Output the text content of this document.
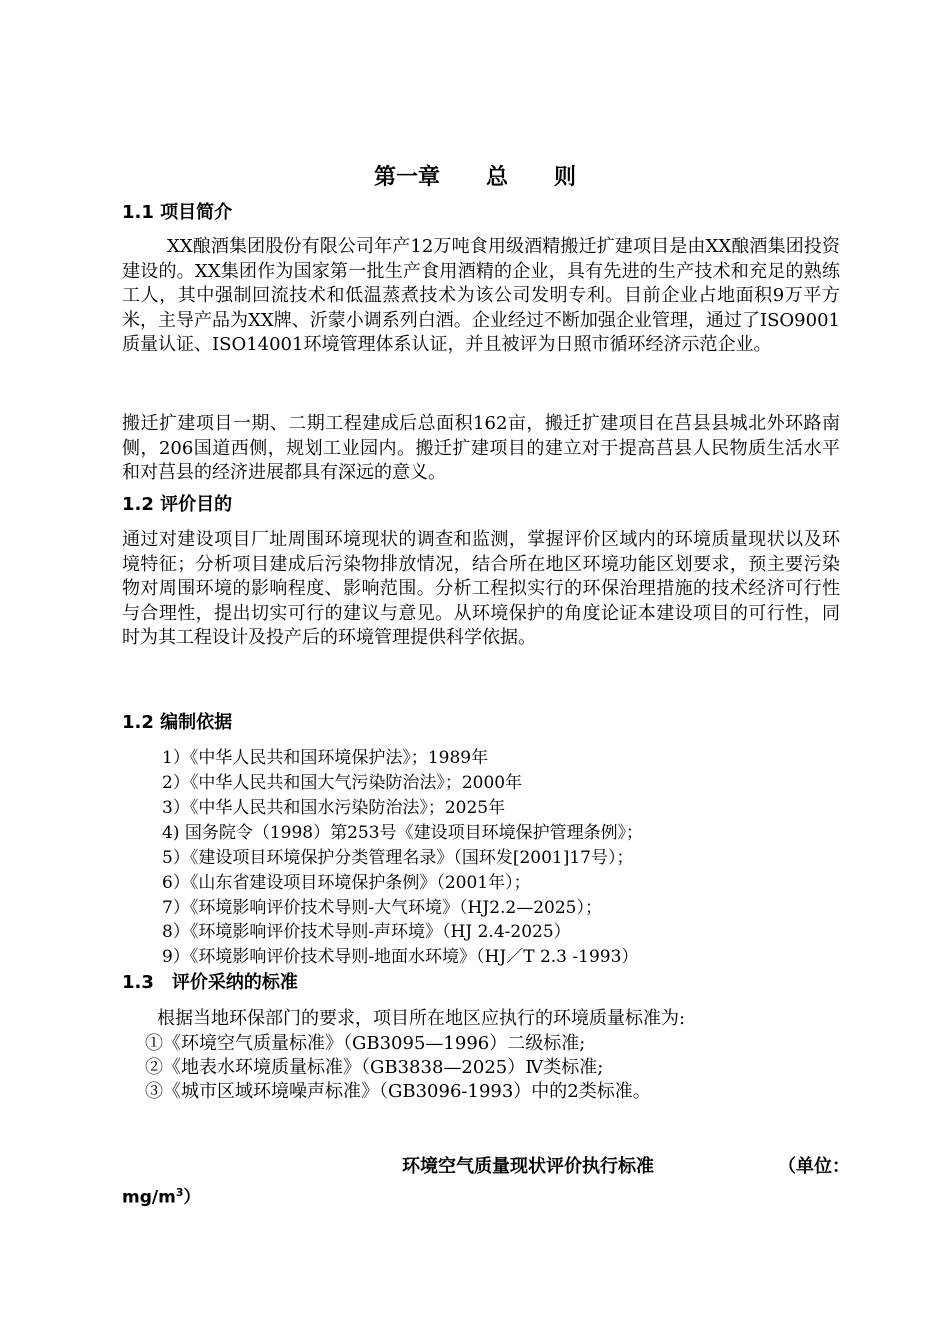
第一章 总 则
1.1 项目简介
XX酿酒集团股份有限公司年产12万吨食用级酒精搬迁扩建项目是由XX酿酒集团投资建设的。XX集团作为国家第一批生产食用酒精的企业，具有先进的生产技术和充足的熟练工人，其中强制回流技术和低温蒸煮技术为该公司发明专利。目前企业占地面积9万平方米，主导产品为XX牌、沂蒙小调系列白酒。企业经过不断加强企业管理，通过了ISO9001质量认证、ISO14001环境管理体系认证，并且被评为日照市循环经济示范企业。
搬迁扩建项目一期、二期工程建成后总面积162亩，搬迁扩建项目在莒县县城北外环路南侧，206国道西侧，规划工业园内。搬迁扩建项目的建立对于提高莒县人民物质生活水平和对莒县的经济进展都具有深远的意义。
1.2 评价目的
通过对建设项目厂址周围环境现状的调查和监测，掌握评价区域内的环境质量现状以及环境特征；分析项目建成后污染物排放情况，结合所在地区环境功能区划要求，预主要污染物对周围环境的影响程度、影响范围。分析工程拟实行的环保治理措施的技术经济可行性与合理性，提出切实可行的建议与意见。从环境保护的角度论证本建设项目的可行性，同时为其工程设计及投产后的环境管理提供科学依据。
1.2 编制依据
1）《中华人民共和国环境保护法》；1989年
2）《中华人民共和国大气污染防治法》；2000年
3）《中华人民共和国水污染防治法》；2025年
4) 国务院令（1998）第253号《建设项目环境保护管理条例》；
5）《建设项目环境保护分类管理名录》（国环发[2001]17号）；
6）《山东省建设项目环境保护条例》（2001年）；
7）《环境影响评价技术导则-大气环境》（HJ2.2—2025）；
8）《环境影响评价技术导则-声环境》（HJ 2.4-2025）
9）《环境影响评价技术导则-地面水环境》（HJ／T 2.3 -1993）
1.3　评价采纳的标准
根据当地环保部门的要求，项目所在地区应执行的环境质量标准为:
①《环境空气质量标准》（GB3095—1996）二级标准;
②《地表水环境质量标准》（GB3838—2025）Ⅳ类标准;
③《城市区域环境噪声标准》（GB3096-1993）中的2类标准。
环境空气质量现状评价执行标准	（单位：
$mg/m^3$）
